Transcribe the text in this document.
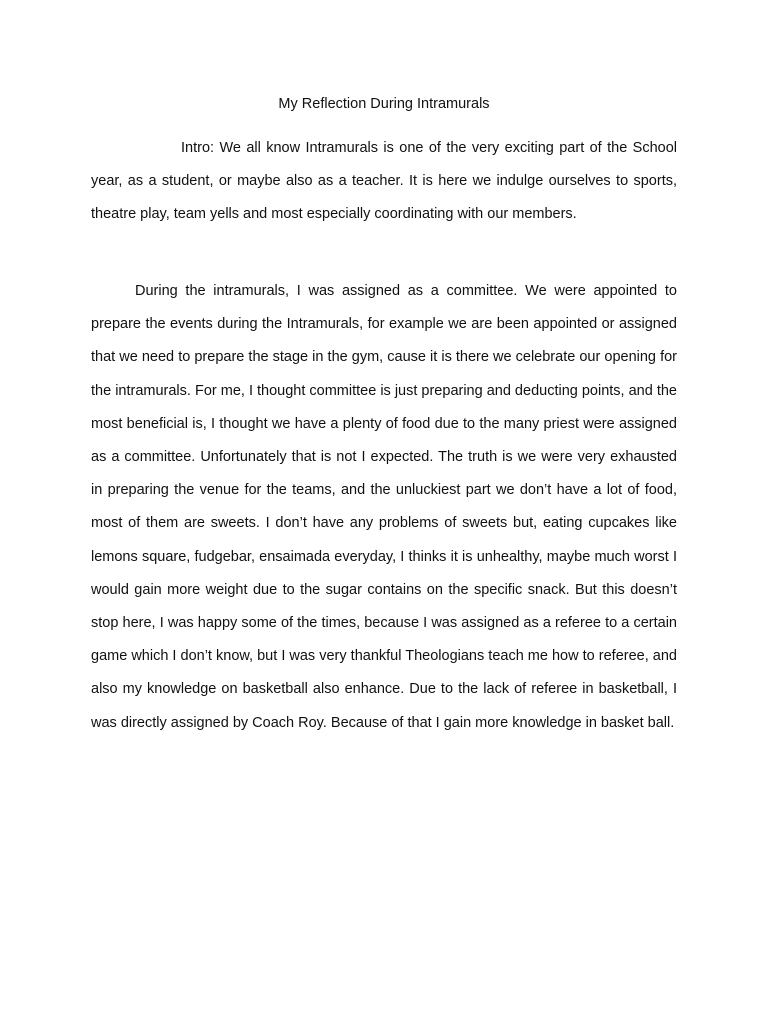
My Reflection During Intramurals

Intro: We all know Intramurals is one of the very exciting part of the School year, as a student, or maybe also as a teacher. It is here we indulge ourselves to sports, theatre play, team yells and most especially coordinating with our members.

During the intramurals, I was assigned as a committee. We were appointed to prepare the events during the Intramurals, for example we are been appointed or assigned that we need to prepare the stage in the gym, cause it is there we celebrate our opening for the intramurals. For me, I thought committee is just preparing and deducting points, and the most beneficial is, I thought we have a plenty of food due to the many priest were assigned as a committee. Unfortunately that is not I expected. The truth is we were very exhausted in preparing the venue for the teams, and the unluckiest part we don’t have a lot of food, most of them are sweets. I don’t have any problems of sweets but, eating cupcakes like lemons square, fudgebar, ensaimada everyday, I thinks it is unhealthy, maybe much worst I would gain more weight due to the sugar contains on the specific snack. But this doesn’t stop here, I was happy some of the times, because I was assigned as a referee to a certain game which I don’t know, but I was very thankful Theologians teach me how to referee, and also my knowledge on basketball also enhance. Due to the lack of referee in basketball, I was directly assigned by Coach Roy. Because of that I gain more knowledge in basket ball.
